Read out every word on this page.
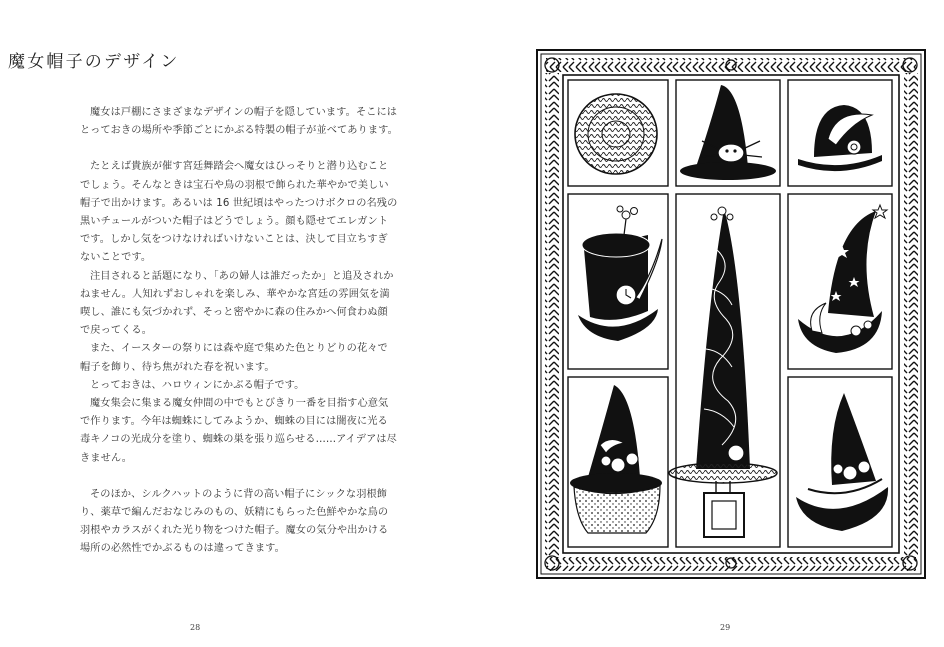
魔女帽子のデザイン

魔女は戸棚にさまざまなデザインの帽子を隠しています。そこにはとっておきの場所や季節ごとにかぶる特製の帽子が並べてあります。

たとえば貴族が催す宮廷舞踏会へ魔女はひっそりと潜り込むことでしょう。そんなときは宝石や鳥の羽根で飾られた華やかで美しい帽子で出かけます。あるいは 16 世紀頃はやったつけボクロの名残の黒いチュールがついた帽子はどうでしょう。顔も隠せてエレガントです。しかし気をつけなければいけないことは、決して目立ちすぎないことです。

注目されると話題になり、「あの婦人は誰だったか」と追及されかねません。人知れずおしゃれを楽しみ、華やかな宮廷の雰囲気を満喫し、誰にも気づかれず、そっと密やかに森の住みかへ何食わぬ顔で戻ってくる。

また、イースターの祭りには森や庭で集めた色とりどりの花々で帽子を飾り、待ち焦がれた春を祝います。

とっておきは、ハロウィンにかぶる帽子です。

魔女集会に集まる魔女仲間の中でもとびきり一番を目指す心意気で作ります。今年は蜘蛛にしてみようか、蜘蛛の目には闇夜に光る毒キノコの光成分を塗り、蜘蛛の巣を張り巡らせる……アイデアは尽きません。

そのほか、シルクハットのように背の高い帽子にシックな羽根飾り、薬草で編んだおなじみのもの、妖精にもらった色鮮やかな鳥の羽根やカラスがくれた光り物をつけた帽子。魔女の気分や出かける場所の必然性でかぶるものは違ってきます。

28	29
